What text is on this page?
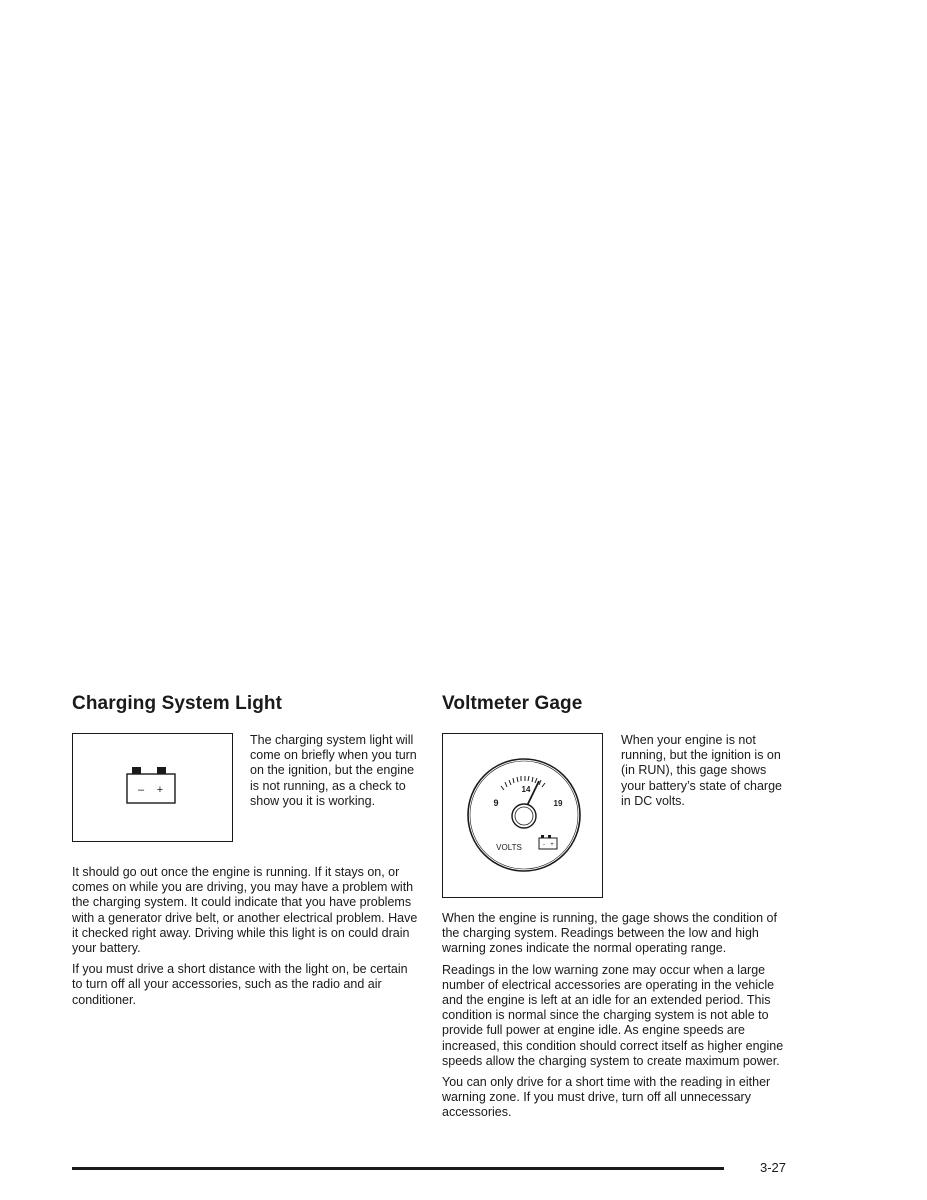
Charging System Light
– +
The charging system light will come on briefly when you turn on the ignition, but the engine is not running, as a check to show you it is working.

It should go out once the engine is running. If it stays on, or comes on while you are driving, you may have a problem with the charging system. It could indicate that you have problems with a generator drive belt, or another electrical problem. Have it checked right away. Driving while this light is on could drain your battery.

If you must drive a short distance with the light on, be certain to turn off all your accessories, such as the radio and air conditioner.

Voltmeter Gage
9
14
19
VOLTS	- +
When your engine is not running, but the ignition is on (in RUN), this gage shows your battery’s state of charge in DC volts.

When the engine is running, the gage shows the condition of the charging system. Readings between the low and high warning zones indicate the normal operating range.

Readings in the low warning zone may occur when a large number of electrical accessories are operating in the vehicle and the engine is left at an idle for an extended period. This condition is normal since the charging system is not able to provide full power at engine idle. As engine speeds are increased, this condition should correct itself as higher engine speeds allow the charging system to create maximum power.

You can only drive for a short time with the reading in either warning zone. If you must drive, turn off all unnecessary accessories.

3-27
